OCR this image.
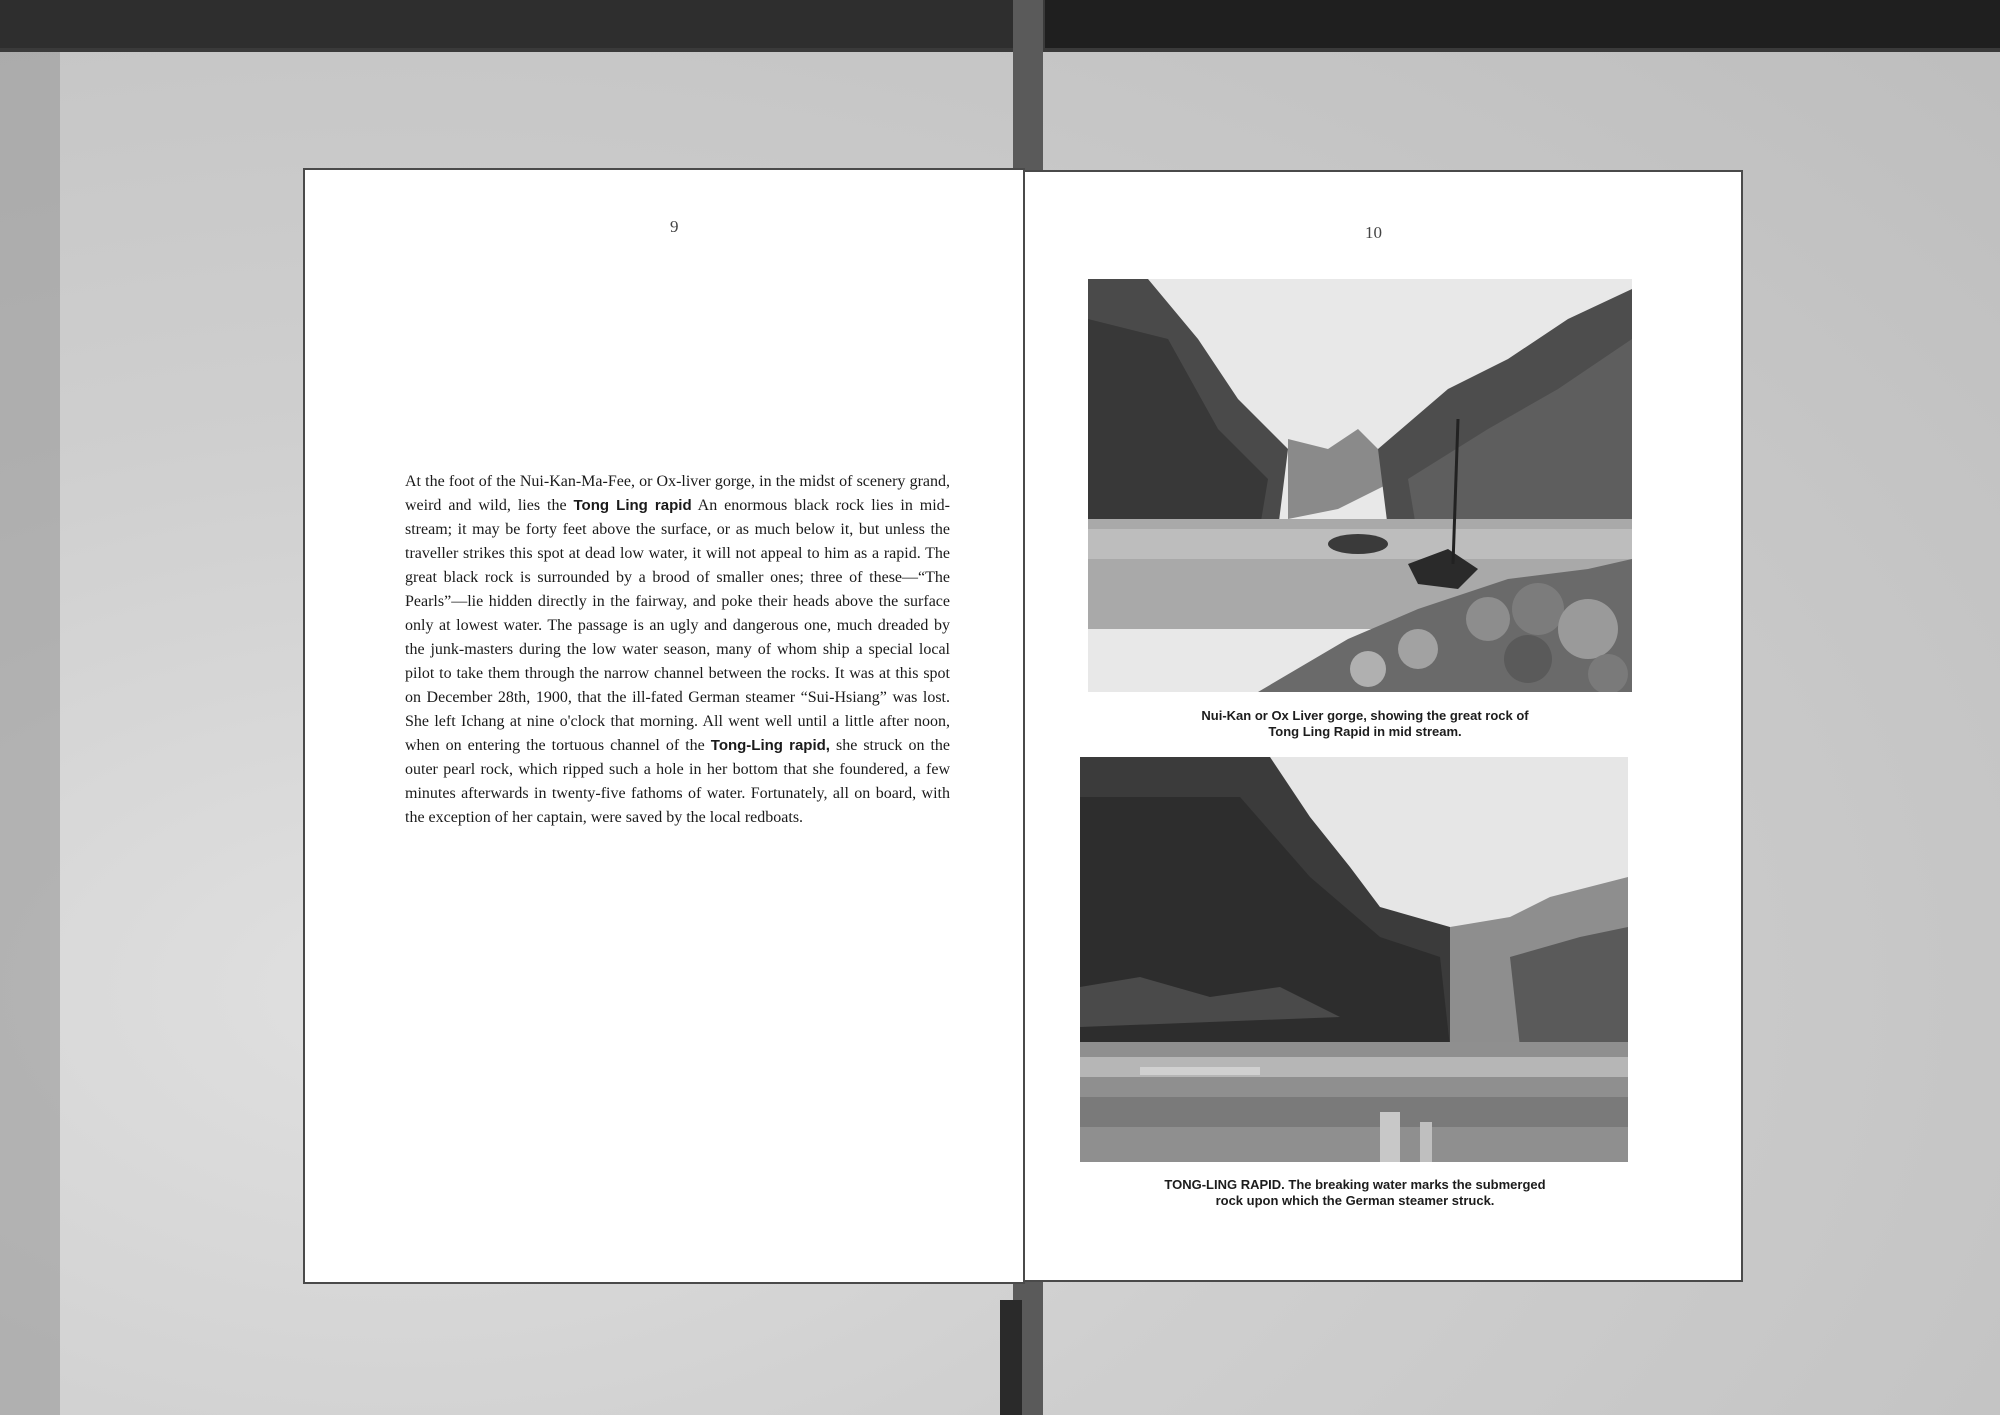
9
At the foot of the Nui-Kan-Ma-Fee, or Ox-liver gorge, in the midst of scenery grand, weird and wild, lies the Tong Ling rapid An enormous black rock lies in mid-stream; it may be forty feet above the surface, or as much below it, but unless the traveller strikes this spot at dead low water, it will not appeal to him as a rapid. The great black rock is surrounded by a brood of smaller ones; three of these—“The Pearls”—lie hidden directly in the fairway, and poke their heads above the surface only at lowest water. The passage is an ugly and dangerous one, much dreaded by the junk-masters during the low water season, many of whom ship a special local pilot to take them through the narrow channel between the rocks. It was at this spot on December 28th, 1900, that the ill-fated German steamer “Sui-Hsiang” was lost. She left Ichang at nine o'clock that morning. All went well until a little after noon, when on entering the tortuous channel of the Tong-Ling rapid, she struck on the outer pearl rock, which ripped such a hole in her bottom that she foundered, a few minutes afterwards in twenty-five fathoms of water. Fortunately, all on board, with the exception of her captain, were saved by the local redboats.
10
Nui-Kan or Ox Liver gorge, showing the great rock of
Tong Ling Rapid in mid stream.
TONG-LING RAPID. The breaking water marks the submerged
rock upon which the German steamer struck.
